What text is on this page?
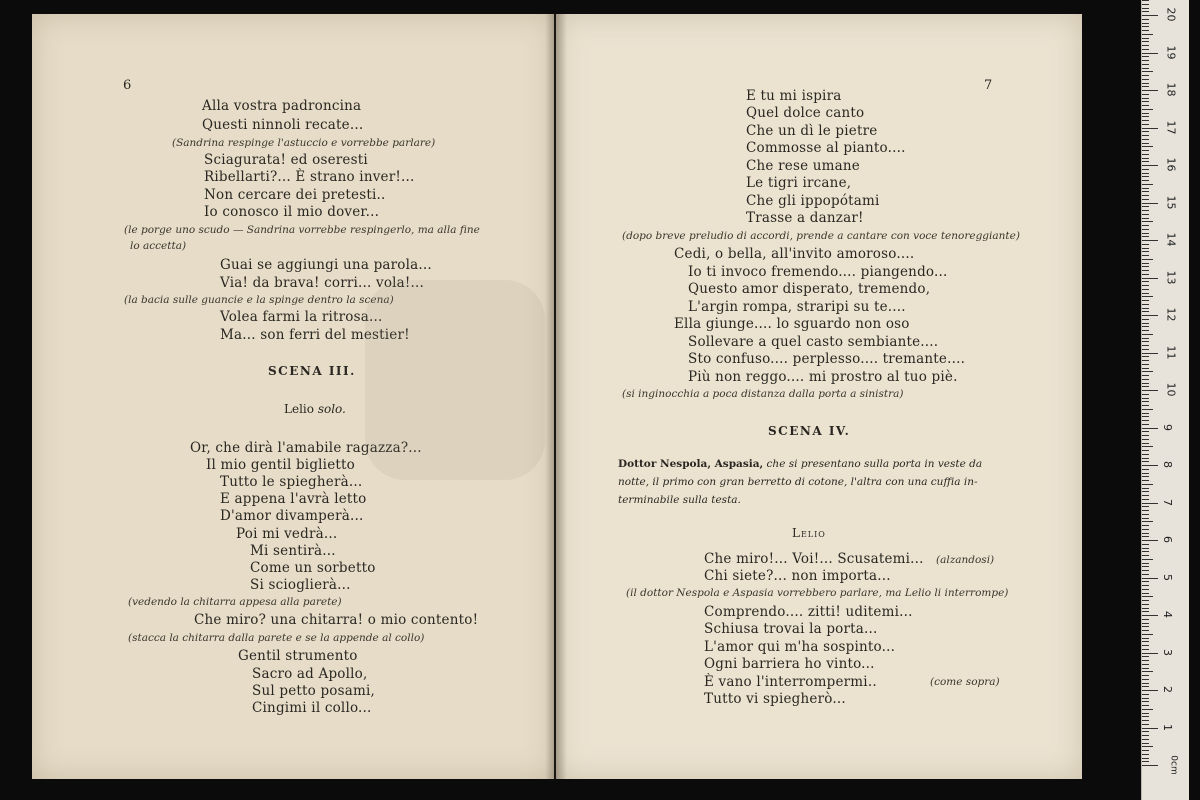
6
Alla vostra padroncina
Questi ninnoli recate...
(Sandrina respinge l'astuccio e vorrebbe parlare)
Sciagurata! ed oseresti
Ribellarti?... È strano inver!...
Non cercare dei pretesti..
Io conosco il mio dover...
(le porge uno scudo — Sandrina vorrebbe respingerlo, ma alla fine
lo accetta)
Guai se aggiungi una parola...
Via! da brava! corri... vola!...
(la bacia sulle guancie e la spinge dentro la scena)
Volea farmi la ritrosa...
Ma... son ferri del mestier!
SCENA III.
Lelio solo.
Or, che dirà l'amabile ragazza?...
Il mio gentil biglietto
Tutto le spiegherà...
E appena l'avrà letto
D'amor divamperà...
Poi mi vedrà...
Mi sentirà...
Come un sorbetto
Si scioglierà...
(vedendo la chitarra appesa alla parete)
Che miro? una chitarra! o mio contento!
(stacca la chitarra dalla parete e se la appende al collo)
Gentil strumento
Sacro ad Apollo,
Sul petto posami,
Cingimi il collo...
7
E tu mi ispira
Quel dolce canto
Che un dì le pietre
Commosse al pianto....
Che rese umane
Le tigri ircane,
Che gli ippopótami
Trasse a danzar!
(dopo breve preludio di accordi, prende a cantare con voce tenoreggiante)
Cedi, o bella, all'invito amoroso....
Io ti invoco fremendo.... piangendo...
Questo amor disperato, tremendo,
L'argin rompa, straripi su te....
Ella giunge.... lo sguardo non oso
Sollevare a quel casto sembiante....
Sto confuso.... perplesso.... tremante....
Più non reggo.... mi prostro al tuo piè.
(si inginocchia a poca distanza dalla porta a sinistra)
SCENA IV.
Dottor Nespola, Aspasia, che si presentano sulla porta in veste da
notte, il primo con gran berretto di cotone, l'altra con una cuffia in-
terminabile sulla testa.
Lelio
Che miro!... Voi!... Scusatemi... (alzandosi)
Chi siete?... non importa...
(il dottor Nespola e Aspasia vorrebbero parlare, ma Lelio li interrompe)
Comprendo.... zitti! uditemi...
Schiusa trovai la porta...
L'amor qui m'ha sospinto...
Ogni barriera ho vinto...
È vano l'interrompermi..	(come sopra)
Tutto vi spiegherò...
0cm
1
2
3
4
5
6
7
8
9
10
11
12
13
14
15
16
17
18
19
20
